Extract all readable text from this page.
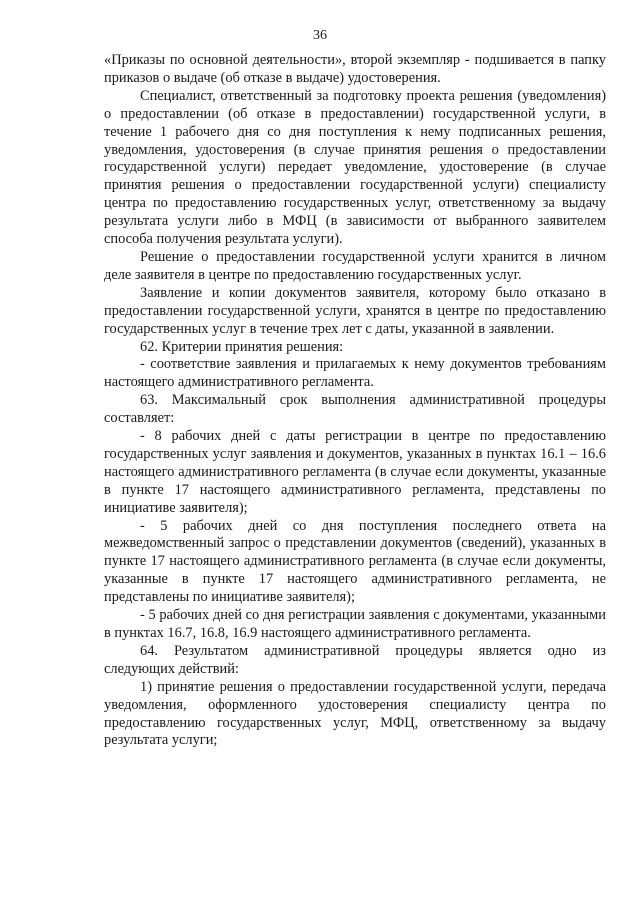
36

«Приказы по основной деятельности», второй экземпляр - подшивается в папку приказов о выдаче (об отказе в выдаче) удостоверения.

Специалист, ответственный за подготовку проекта решения (уведомления) о предоставлении (об отказе в предоставлении) государственной услуги, в течение 1 рабочего дня со дня поступления к нему подписанных решения, уведомления, удостоверения (в случае принятия решения о предоставлении государственной услуги) передает уведомление, удостоверение (в случае принятия решения о предоставлении государственной услуги) специалисту центра по предоставлению государственных услуг, ответственному за выдачу результата услуги либо в МФЦ (в зависимости от выбранного заявителем способа получения результата услуги).

Решение о предоставлении государственной услуги хранится в личном деле заявителя в центре по предоставлению государственных услуг.

Заявление и копии документов заявителя, которому было отказано в предоставлении государственной услуги, хранятся в центре по предоставлению государственных услуг в течение трех лет с даты, указанной в заявлении.

62. Критерии принятия решения:

- соответствие заявления и прилагаемых к нему документов требованиям настоящего административного регламента.

63. Максимальный срок выполнения административной процедуры составляет:

- 8 рабочих дней с даты регистрации в центре по предоставлению государственных услуг заявления и документов, указанных в пунктах 16.1 – 16.6 настоящего административного регламента (в случае если документы, указанные в пункте 17 настоящего административного регламента, представлены по инициативе заявителя);

- 5 рабочих дней со дня поступления последнего ответа на межведомственный запрос о представлении документов (сведений), указанных в пункте 17 настоящего административного регламента (в случае если документы, указанные в пункте 17 настоящего административного регламента, не представлены по инициативе заявителя);

- 5 рабочих дней со дня регистрации заявления с документами, указанными в пунктах 16.7, 16.8, 16.9 настоящего административного регламента.

64. Результатом административной процедуры является одно из следующих действий:

1) принятие решения о предоставлении государственной услуги, передача уведомления, оформленного удостоверения специалисту центра по предоставлению государственных услуг, МФЦ, ответственному за выдачу результата услуги;
